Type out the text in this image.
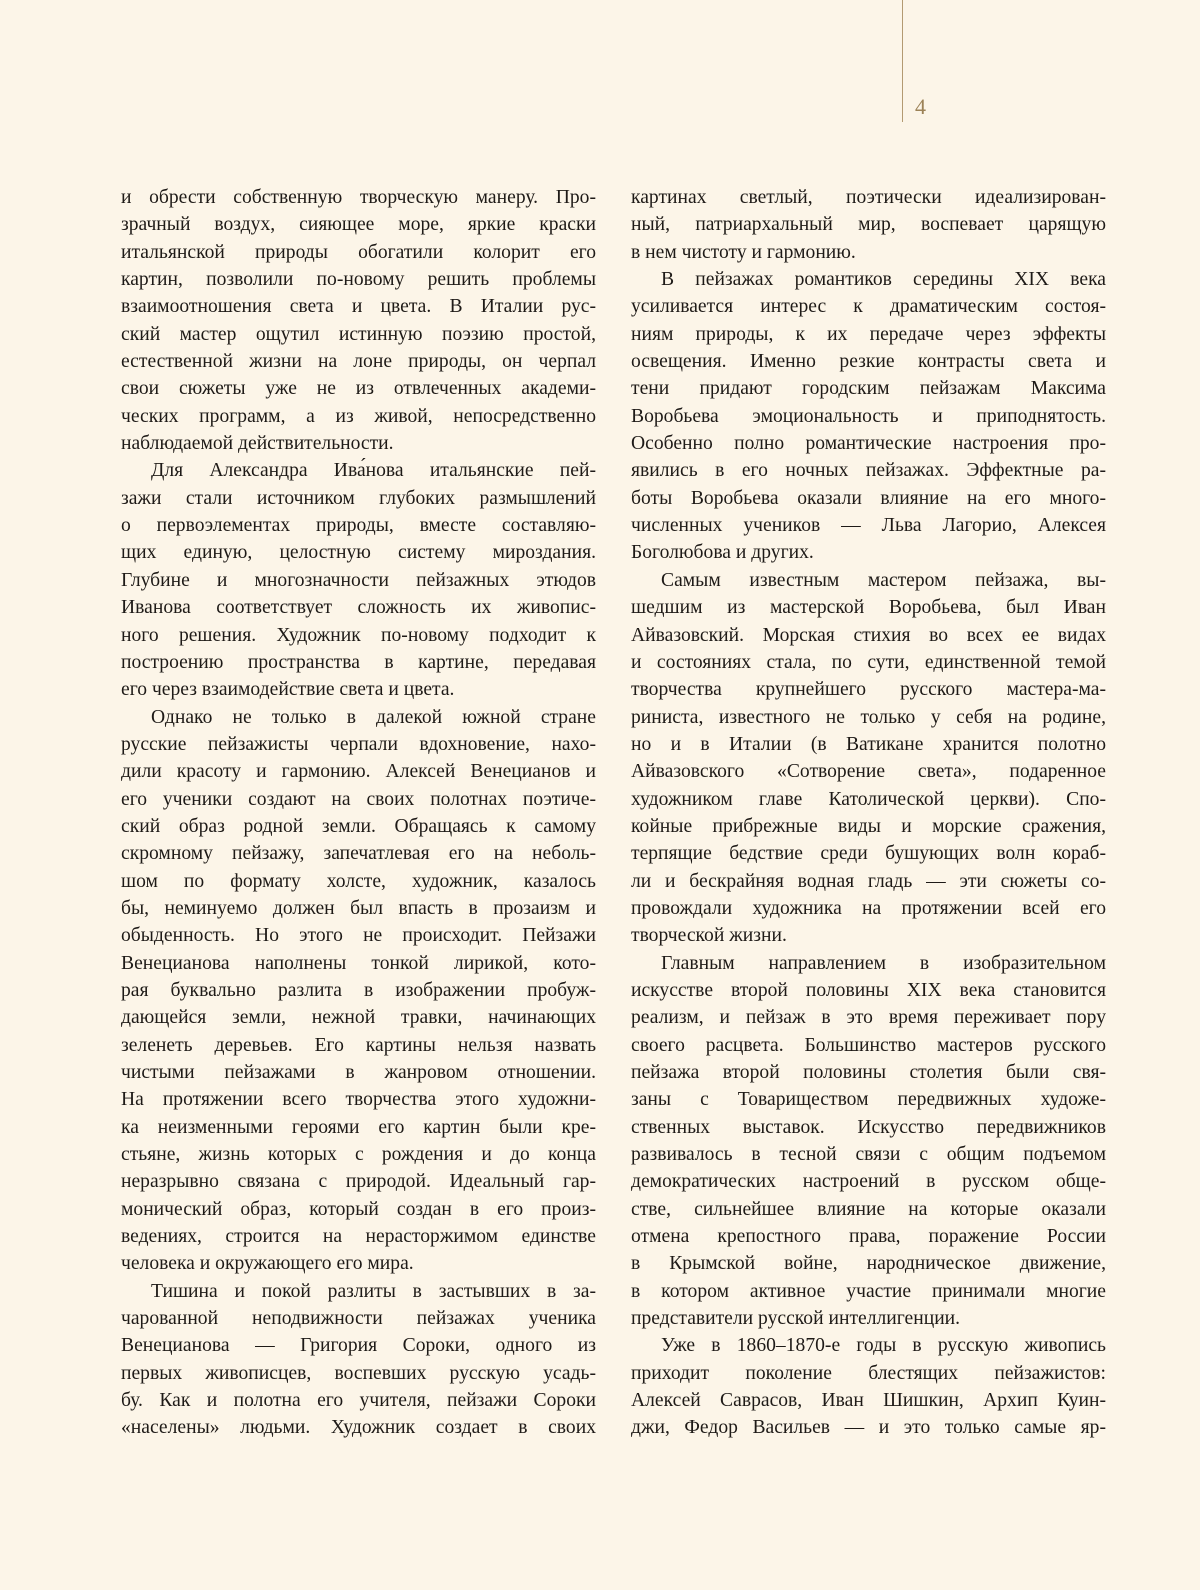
4
и обрести собственную творческую манеру. Про-
зрачный воздух, сияющее море, яркие краски
итальянской природы обогатили колорит его
картин, позволили по-новому решить проблемы
взаимоотношения света и цвета. В Италии рус-
ский мастер ощутил истинную поэзию простой,
естественной жизни на лоне природы, он черпал
свои сюжеты уже не из отвлеченных академи-
ческих программ, а из живой, непосредственно
наблюдаемой действительности.
Для Александра Ива́нова итальянские пей-
зажи стали источником глубоких размышлений
о первоэлементах природы, вместе составляю-
щих единую, целостную систему мироздания.
Глубине и многозначности пейзажных этюдов
Иванова соответствует сложность их живопис-
ного решения. Художник по-новому подходит к
построению пространства в картине, передавая
его через взаимодействие света и цвета.
Однако не только в далекой южной стране
русские пейзажисты черпали вдохновение, нахо-
дили красоту и гармонию. Алексей Венецианов и
его ученики создают на своих полотнах поэтиче-
ский образ родной земли. Обращаясь к самому
скромному пейзажу, запечатлевая его на неболь-
шом по формату холсте, художник, казалось
бы, неминуемо должен был впасть в прозаизм и
обыденность. Но этого не происходит. Пейзажи
Венецианова наполнены тонкой лирикой, кото-
рая буквально разлита в изображении пробуж-
дающейся земли, нежной травки, начинающих
зеленеть деревьев. Его картины нельзя назвать
чистыми пейзажами в жанровом отношении.
На протяжении всего творчества этого художни-
ка неизменными героями его картин были кре-
стьяне, жизнь которых с рождения и до конца
неразрывно связана с природой. Идеальный гар-
монический образ, который создан в его произ-
ведениях, строится на нерасторжимом единстве
человека и окружающего его мира.
Тишина и покой разлиты в застывших в за-
чарованной неподвижности пейзажах ученика
Венецианова — Григория Сороки, одного из
первых живописцев, воспевших русскую усадь-
бу. Как и полотна его учителя, пейзажи Сороки
«населены» людьми. Художник создает в своих
картинах светлый, поэтически идеализирован-
ный, патриархальный мир, воспевает царящую
в нем чистоту и гармонию.
В пейзажах романтиков середины XIX века
усиливается интерес к драматическим состоя-
ниям природы, к их передаче через эффекты
освещения. Именно резкие контрасты света и
тени придают городским пейзажам Максима
Воробьева эмоциональность и приподнятость.
Особенно полно романтические настроения про-
явились в его ночных пейзажах. Эффектные ра-
боты Воробьева оказали влияние на его много-
численных учеников — Льва Лагорио, Алексея
Боголюбова и других.
Самым известным мастером пейзажа, вы-
шедшим из мастерской Воробьева, был Иван
Айвазовский. Морская стихия во всех ее видах
и состояниях стала, по сути, единственной темой
творчества крупнейшего русского мастера-ма-
риниста, известного не только у себя на родине,
но и в Италии (в Ватикане хранится полотно
Айвазовского «Сотворение света», подаренное
художником главе Католической церкви). Спо-
койные прибрежные виды и морские сражения,
терпящие бедствие среди бушующих волн кораб-
ли и бескрайняя водная гладь — эти сюжеты со-
провождали художника на протяжении всей его
творческой жизни.
Главным направлением в изобразительном
искусстве второй половины XIX века становится
реализм, и пейзаж в это время переживает пору
своего расцвета. Большинство мастеров русского
пейзажа второй половины столетия были свя-
заны с Товариществом передвижных художе-
ственных выставок. Искусство передвижников
развивалось в тесной связи с общим подъемом
демократических настроений в русском обще-
стве, сильнейшее влияние на которые оказали
отмена крепостного права, поражение России
в Крымской войне, народническое движение,
в котором активное участие принимали многие
представители русской интеллигенции.
Уже в 1860–1870-е годы в русскую живопись
приходит поколение блестящих пейзажистов:
Алексей Саврасов, Иван Шишкин, Архип Куин-
джи, Федор Васильев — и это только самые яр-
